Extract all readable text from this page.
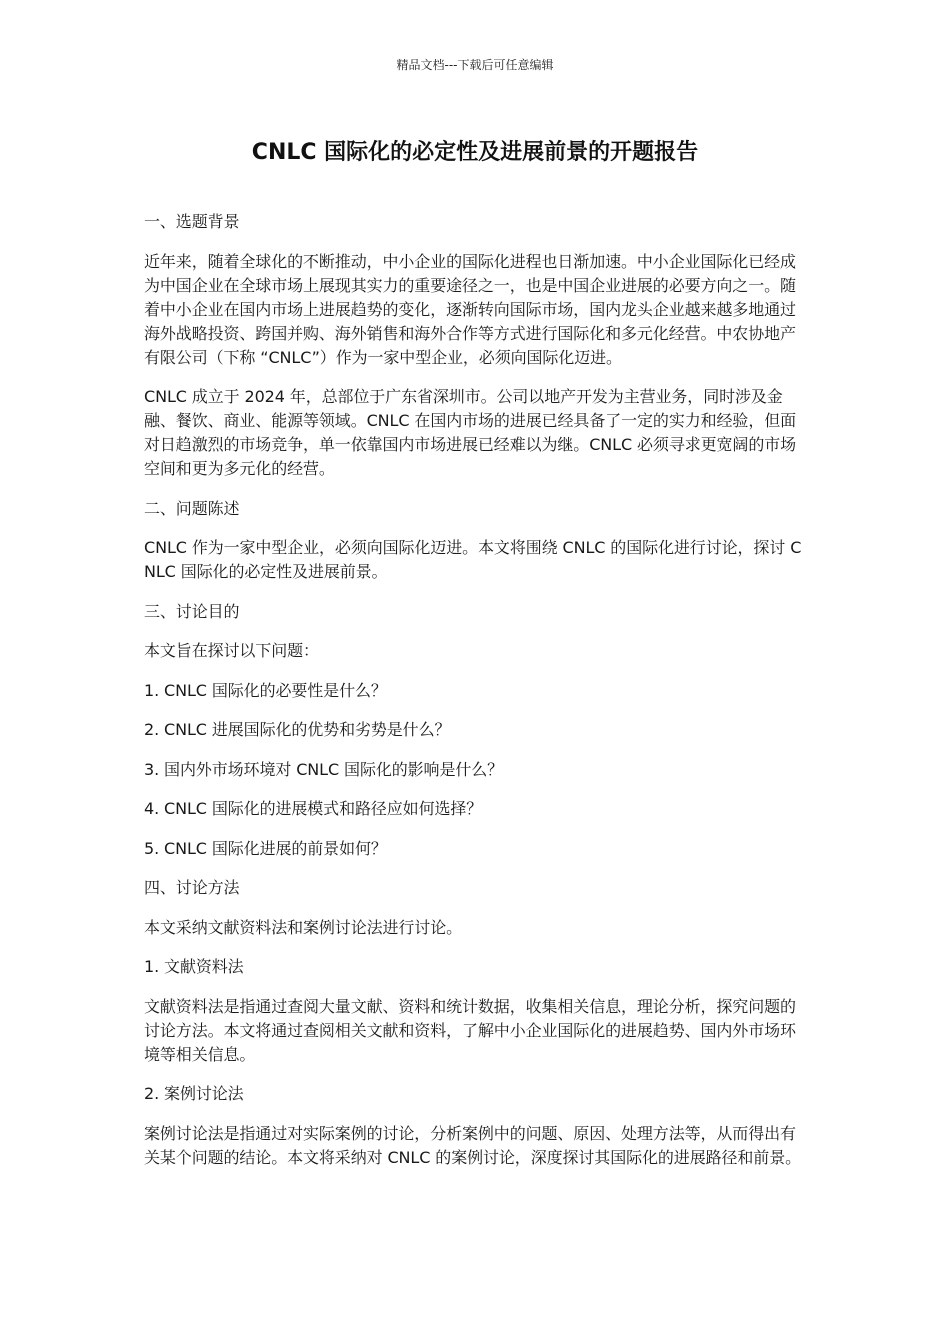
精品文档---下载后可任意编辑
CNLC 国际化的必定性及进展前景的开题报告

一、选题背景

近年来，随着全球化的不断推动，中小企业的国际化进程也日渐加速。中小企业国际化已经成为中国企业在全球市场上展现其实力的重要途径之一，也是中国企业进展的必要方向之一。随着中小企业在国内市场上进展趋势的变化，逐渐转向国际市场，国内龙头企业越来越多地通过海外战略投资、跨国并购、海外销售和海外合作等方式进行国际化和多元化经营。中农协地产有限公司（下称 “CNLC”）作为一家中型企业，必须向国际化迈进。

CNLC 成立于 2024 年，总部位于广东省深圳市。公司以地产开发为主营业务，同时涉及金融、餐饮、商业、能源等领域。CNLC 在国内市场的进展已经具备了一定的实力和经验，但面对日趋激烈的市场竞争，单一依靠国内市场进展已经难以为继。CNLC 必须寻求更宽阔的市场空间和更为多元化的经营。

二、问题陈述

CNLC 作为一家中型企业，必须向国际化迈进。本文将围绕 CNLC 的国际化进行讨论，探讨 CNLC 国际化的必定性及进展前景。

三、讨论目的

本文旨在探讨以下问题：

1. CNLC 国际化的必要性是什么？

2. CNLC 进展国际化的优势和劣势是什么？

3. 国内外市场环境对 CNLC 国际化的影响是什么？

4. CNLC 国际化的进展模式和路径应如何选择？

5. CNLC 国际化进展的前景如何？

四、讨论方法

本文采纳文献资料法和案例讨论法进行讨论。

1. 文献资料法

文献资料法是指通过查阅大量文献、资料和统计数据，收集相关信息，理论分析，探究问题的讨论方法。本文将通过查阅相关文献和资料，了解中小企业国际化的进展趋势、国内外市场环境等相关信息。

2. 案例讨论法

案例讨论法是指通过对实际案例的讨论，分析案例中的问题、原因、处理方法等，从而得出有关某个问题的结论。本文将采纳对 CNLC 的案例讨论，深度探讨其国际化的进展路径和前景。
